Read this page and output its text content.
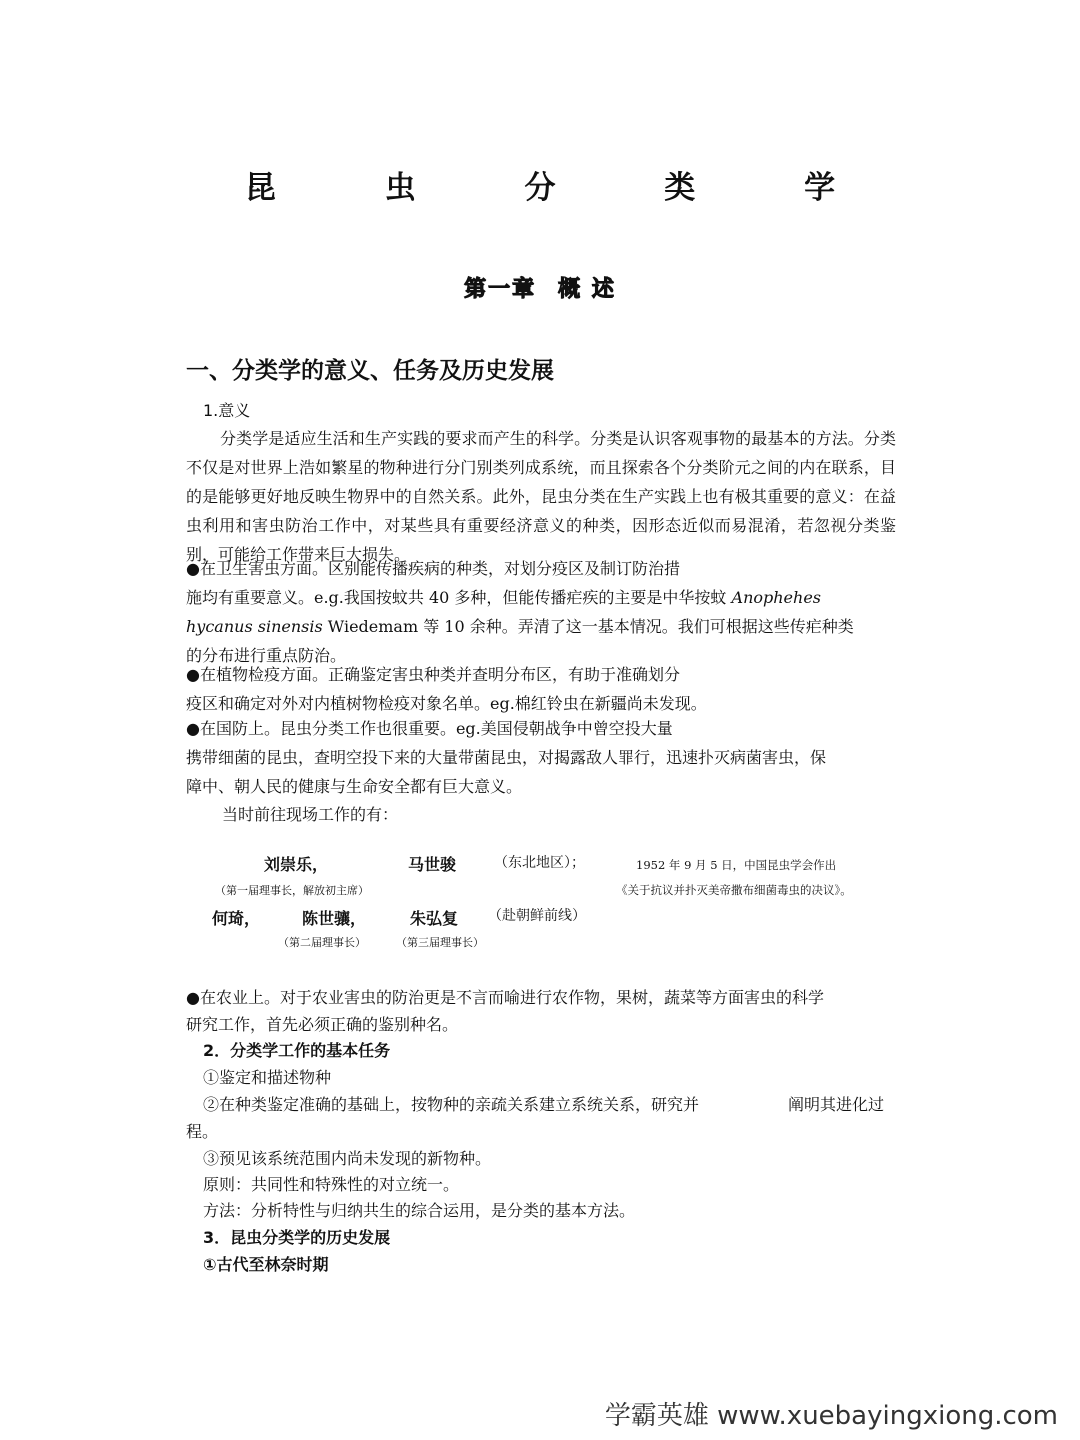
昆 虫 分 类 学
第一章 概 述
一、分类学的意义、任务及历史发展
1.意义
分类学是适应生活和生产实践的要求而产生的科学。分类是认识客观事物的最基本的方法。分类不仅是对世界上浩如繁星的物种进行分门别类列成系统，而且探索各个分类阶元之间的内在联系，目的是能够更好地反映生物界中的自然关系。此外，昆虫分类在生产实践上也有极其重要的意义：在益虫利用和害虫防治工作中，对某些具有重要经济意义的种类，因形态近似而易混淆，若忽视分类鉴别，可能给工作带来巨大损失。
●在卫生害虫方面。区别能传播疾病的种类，对划分疫区及制订防治措
施均有重要意义。e.g.我国按蚊共 40 多种，但能传播疟疾的主要是中华按蚊 Anophehes
hycanus sinensis Wiedemam 等 10 余种。弄清了这一基本情况。我们可根据这些传疟种类
的分布进行重点防治。
●在植物检疫方面。正确鉴定害虫种类并查明分布区，有助于准确划分
疫区和确定对外对内植树物检疫对象名单。eg.棉红铃虫在新疆尚未发现。
●在国防上。昆虫分类工作也很重要。eg.美国侵朝战争中曾空投大量
携带细菌的昆虫，查明空投下来的大量带菌昆虫，对揭露敌人罪行，迅速扑灭病菌害虫，保
障中、朝人民的健康与生命安全都有巨大意义。
当时前往现场工作的有：
刘崇乐，	马世骏	（东北地区）；	1952 年 9 月 5 日，中国昆虫学会作出
（第一届理事长，解放初主席）	《关于抗议并扑灭美帝撒布细菌毒虫的决议》。
何琦，	陈世骧，	朱弘复 （赴朝鲜前线）
（第二届理事长）	（第三届理事长）
●在农业上。对于农业害虫的防治更是不言而喻进行农作物，果树，蔬菜等方面害虫的科学
研究工作，首先必须正确的鉴别种名。
2．分类学工作的基本任务
①鉴定和描述物种
②在种类鉴定准确的基础上，按物种的亲疏关系建立系统关系，研究并	阐明其进化过
程。
③预见该系统范围内尚未发现的新物种。
原则：共同性和特殊性的对立统一。
方法：分析特性与归纳共生的综合运用，是分类的基本方法。
3．昆虫分类学的历史发展
①古代至林奈时期
学霸英雄 www.xuebayingxiong.com
